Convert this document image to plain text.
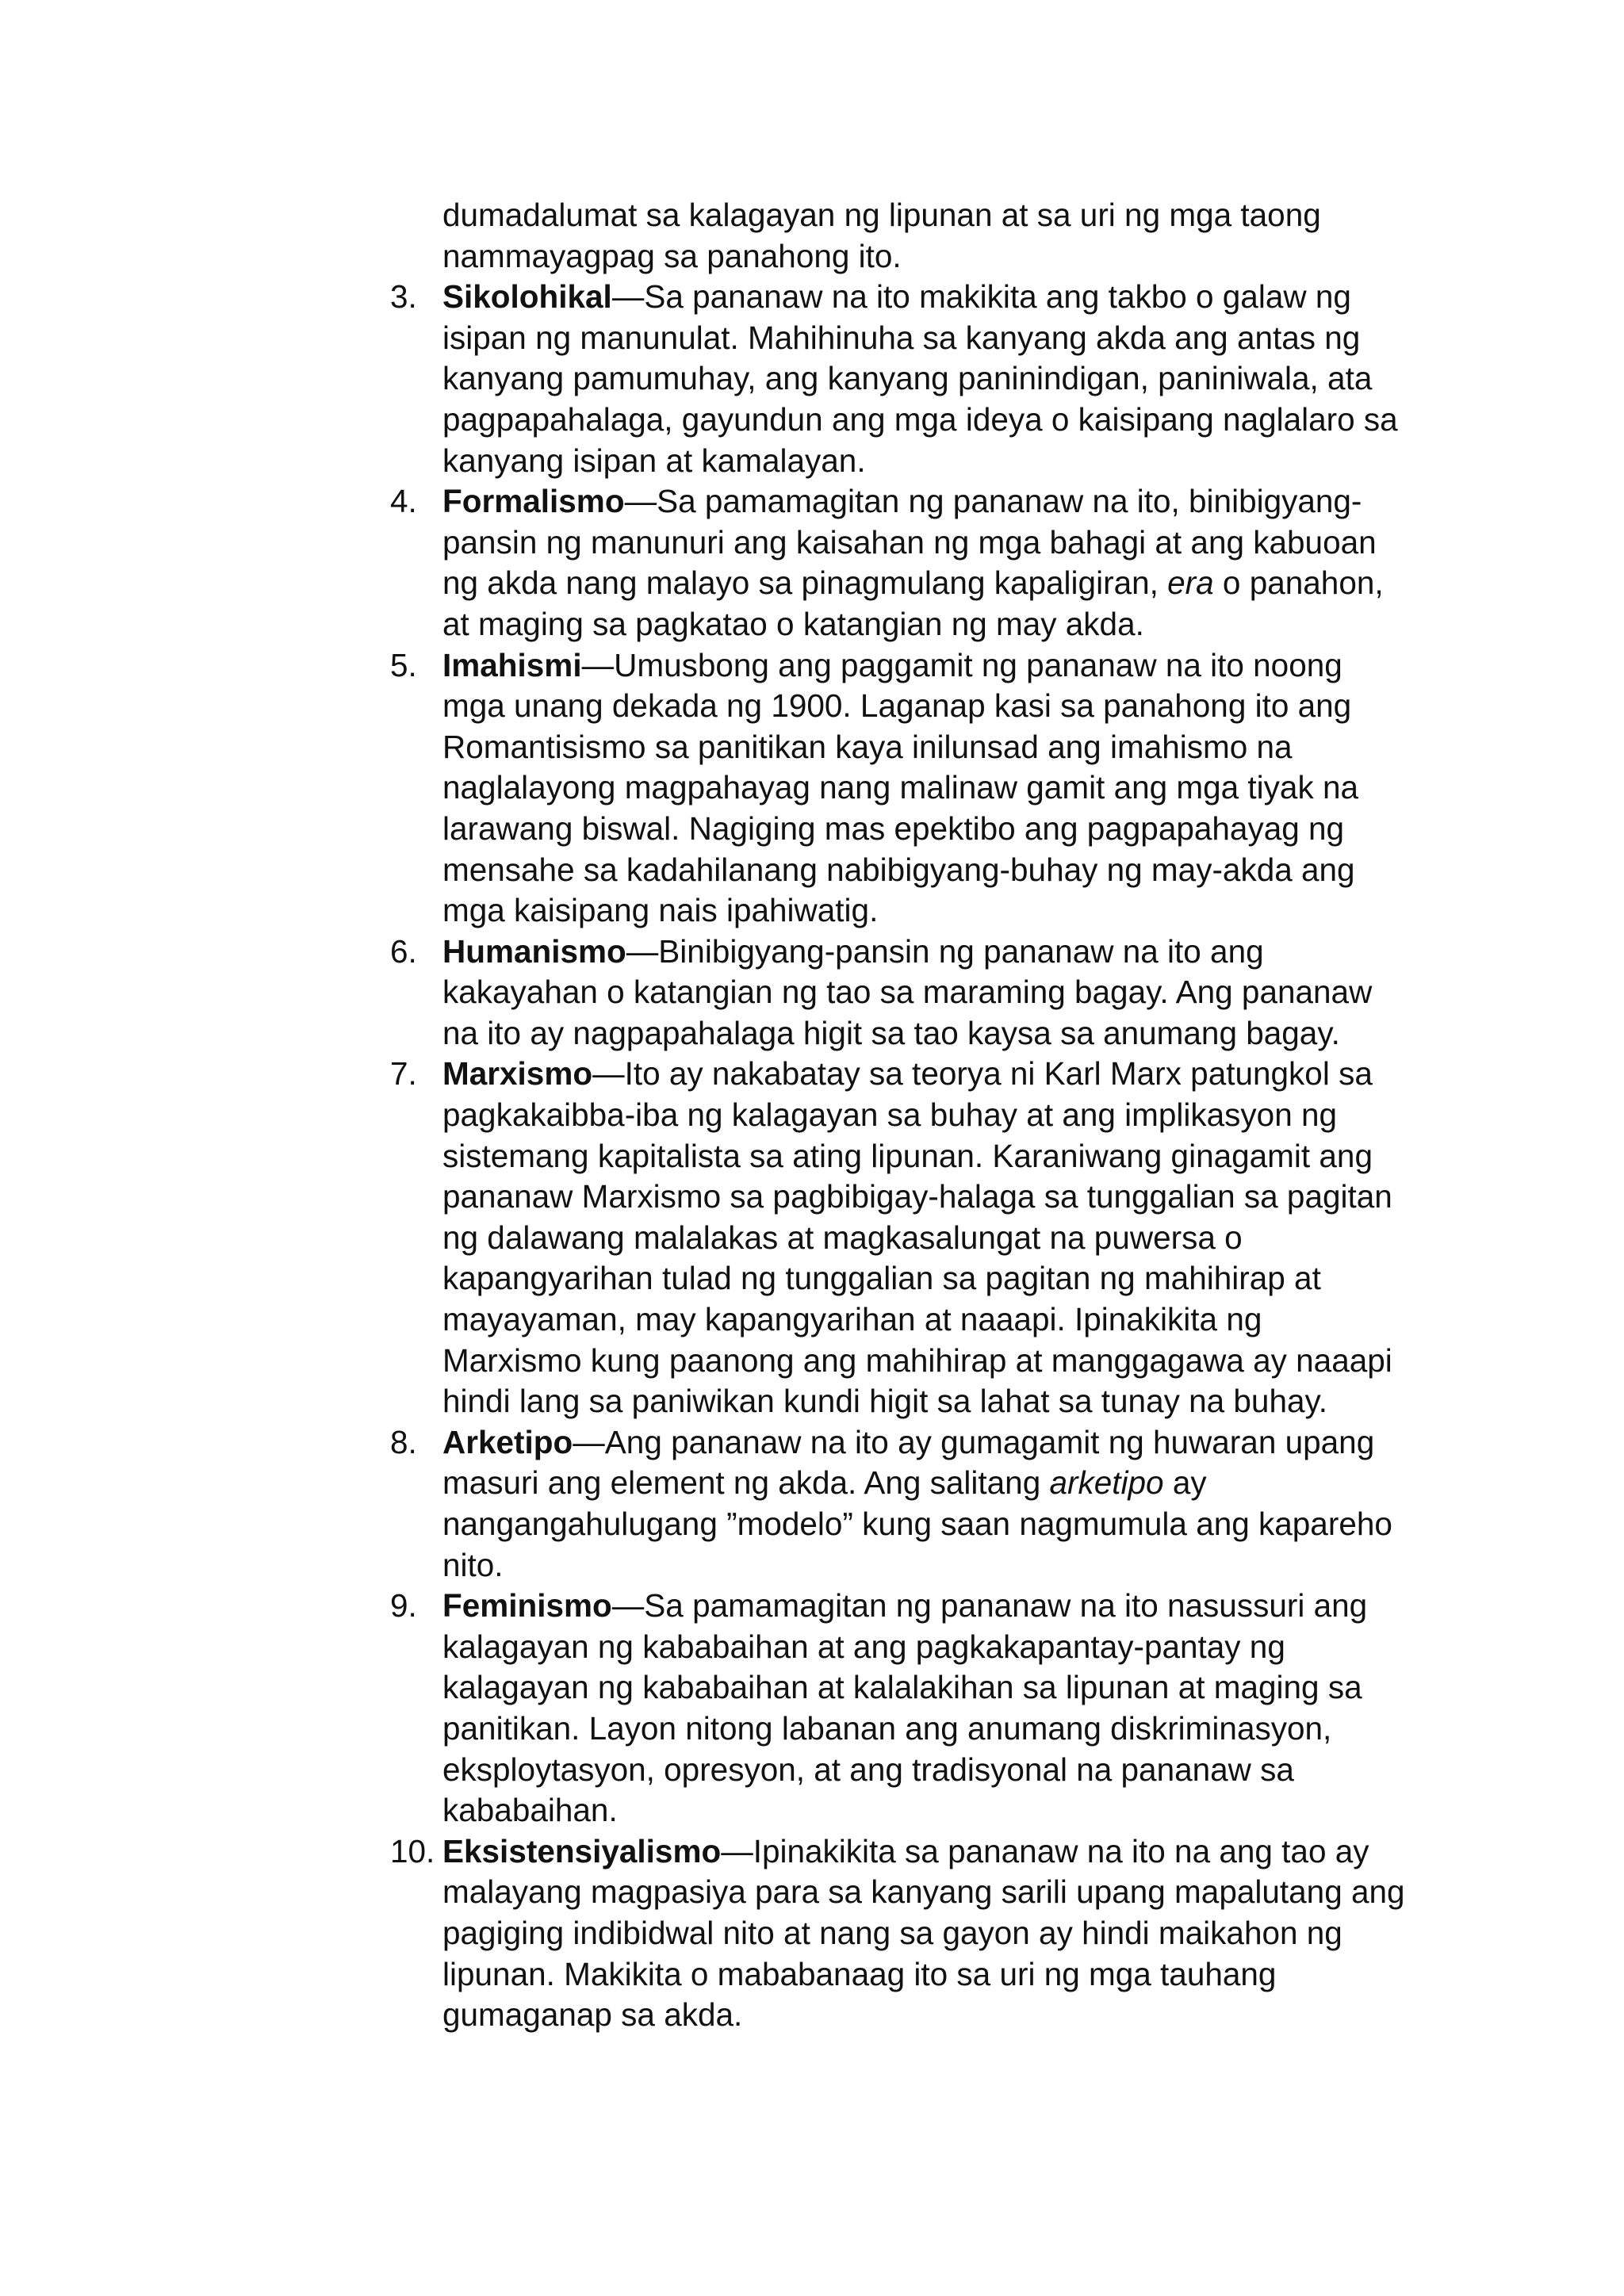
dumadalumat sa kalagayan ng lipunan at sa uri ng mga taong
nammayagpag sa panahong ito.
3. Sikolohikal—Sa pananaw na ito makikita ang takbo o galaw ng
isipan ng manunulat. Mahihinuha sa kanyang akda ang antas ng
kanyang pamumuhay, ang kanyang paninindigan, paniniwala, ata
pagpapahalaga, gayundun ang mga ideya o kaisipang naglalaro sa
kanyang isipan at kamalayan.
4. Formalismo—Sa pamamagitan ng pananaw na ito, binibigyang-
pansin ng manunuri ang kaisahan ng mga bahagi at ang kabuoan
ng akda nang malayo sa pinagmulang kapaligiran, era o panahon,
at maging sa pagkatao o katangian ng may akda.
5. Imahismi—Umusbong ang paggamit ng pananaw na ito noong
mga unang dekada ng 1900. Laganap kasi sa panahong ito ang
Romantisismo sa panitikan kaya inilunsad ang imahismo na
naglalayong magpahayag nang malinaw gamit ang mga tiyak na
larawang biswal. Nagiging mas epektibo ang pagpapahayag ng
mensahe sa kadahilanang nabibigyang-buhay ng may-akda ang
mga kaisipang nais ipahiwatig.
6. Humanismo—Binibigyang-pansin ng pananaw na ito ang
kakayahan o katangian ng tao sa maraming bagay. Ang pananaw
na ito ay nagpapahalaga higit sa tao kaysa sa anumang bagay.
7. Marxismo—Ito ay nakabatay sa teorya ni Karl Marx patungkol sa
pagkakaibba-iba ng kalagayan sa buhay at ang implikasyon ng
sistemang kapitalista sa ating lipunan. Karaniwang ginagamit ang
pananaw Marxismo sa pagbibigay-halaga sa tunggalian sa pagitan
ng dalawang malalakas at magkasalungat na puwersa o
kapangyarihan tulad ng tunggalian sa pagitan ng mahihirap at
mayayaman, may kapangyarihan at naaapi. Ipinakikita ng
Marxismo kung paanong ang mahihirap at manggagawa ay naaapi
hindi lang sa paniwikan kundi higit sa lahat sa tunay na buhay.
8. Arketipo—Ang pananaw na ito ay gumagamit ng huwaran upang
masuri ang element ng akda. Ang salitang arketipo ay
nangangahulugang ”modelo” kung saan nagmumula ang kapareho
nito.
9. Feminismo—Sa pamamagitan ng pananaw na ito nasussuri ang
kalagayan ng kababaihan at ang pagkakapantay-pantay ng
kalagayan ng kababaihan at kalalakihan sa lipunan at maging sa
panitikan. Layon nitong labanan ang anumang diskriminasyon,
eksploytasyon, opresyon, at ang tradisyonal na pananaw sa
kababaihan.
10. Eksistensiyalismo—Ipinakikita sa pananaw na ito na ang tao ay
malayang magpasiya para sa kanyang sarili upang mapalutang ang
pagiging indibidwal nito at nang sa gayon ay hindi maikahon ng
lipunan. Makikita o mababanaag ito sa uri ng mga tauhang
gumaganap sa akda.
